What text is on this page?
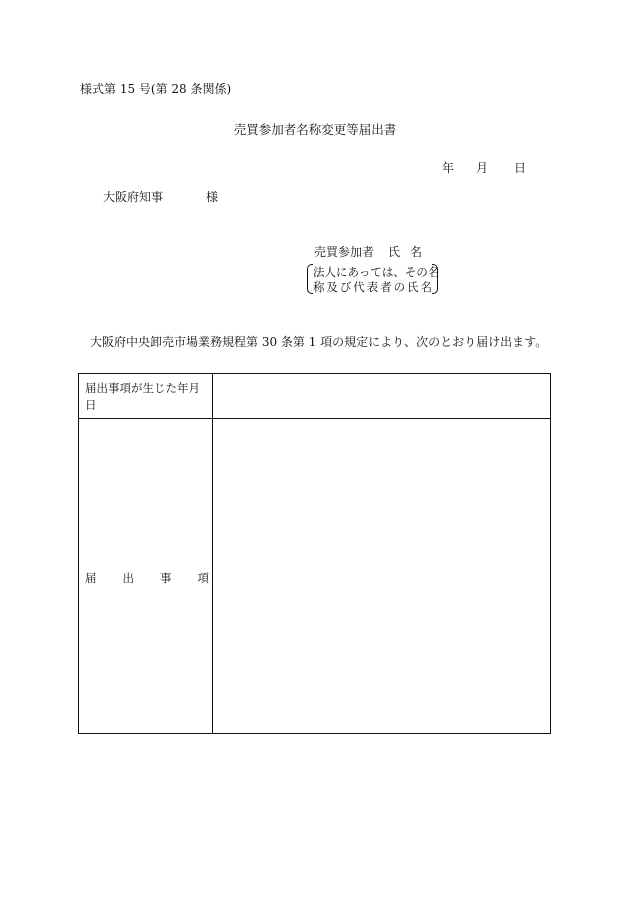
様式第 15 号(第 28 条関係)
売買参加者名称変更等届出書
年 月 日
大阪府知事	様
売買参加者 氏名
法人にあっては、その名
称及び代表者の氏名
大阪府中央卸売市場業務規程第 30 条第 1 項の規定により、次のとおり届け出ます。
届出事項が生じた年月日
届 出 事 項
